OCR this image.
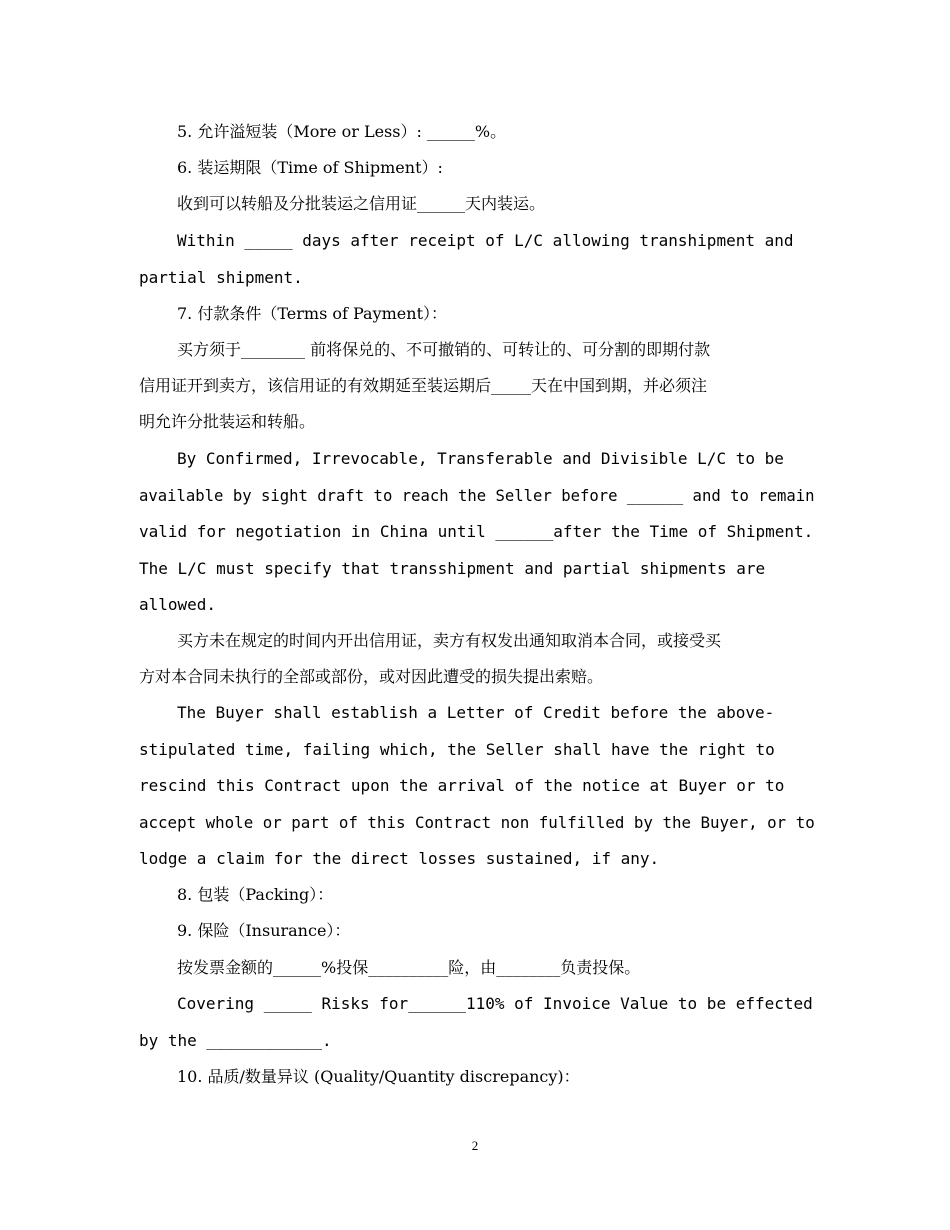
5. 允许溢短装（More or Less）: ______%。

6. 装运期限（Time of Shipment）:

收到可以转船及分批装运之信用证______天内装运。

Within _____ days after receipt of L/C allowing transhipment and

partial shipment.

7. 付款条件（Terms of Payment）：

买方须于________ 前将保兑的、不可撤销的、可转让的、可分割的即期付款

信用证开到卖方，该信用证的有效期延至装运期后_____天在中国到期，并必须注

明允许分批装运和转船。

By Confirmed, Irrevocable, Transferable and Divisible L/C to be

available by sight draft to reach the Seller before ______ and to remain

valid for negotiation in China until ______after the Time of Shipment.

The L/C must specify that transshipment and partial shipments are

allowed.

买方未在规定的时间内开出信用证，卖方有权发出通知取消本合同，或接受买

方对本合同未执行的全部或部份，或对因此遭受的损失提出索赔。

The Buyer shall establish a Letter of Credit before the above-

stipulated time, failing which, the Seller shall have the right to

rescind this Contract upon the arrival of the notice at Buyer or to

accept whole or part of this Contract non fulfilled by the Buyer, or to

lodge a claim for the direct losses sustained, if any.

8. 包装（Packing）：

9. 保险（Insurance）：

按发票金额的______%投保__________险，由________负责投保。

Covering _____ Risks for______110% of Invoice Value to be effected

by the ____________.

10. 品质/数量异议 (Quality/Quantity discrepancy)：

2
